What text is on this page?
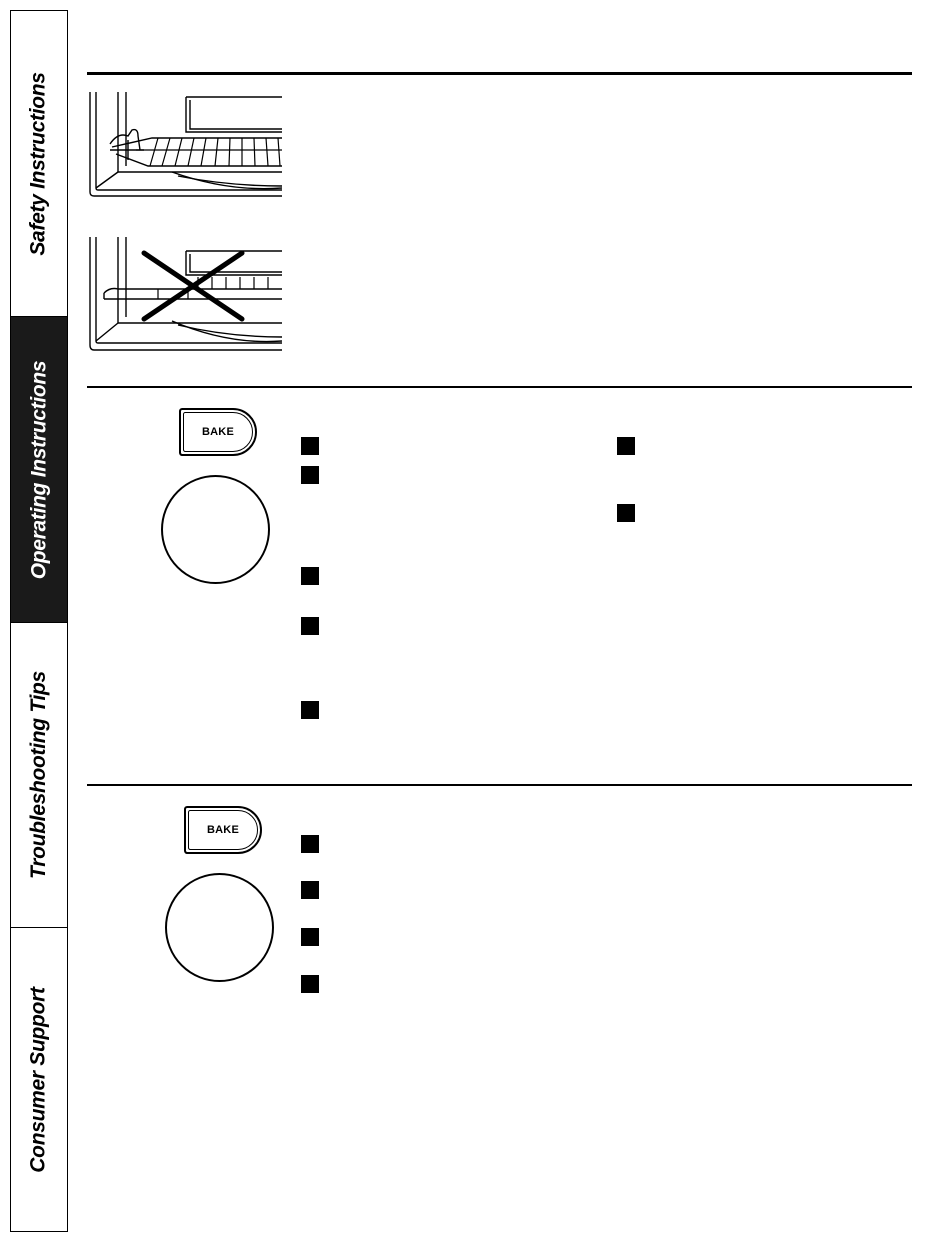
Safety Instructions
Operating Instructions
Troubleshooting Tips
Consumer Support
BAKE
BAKE
